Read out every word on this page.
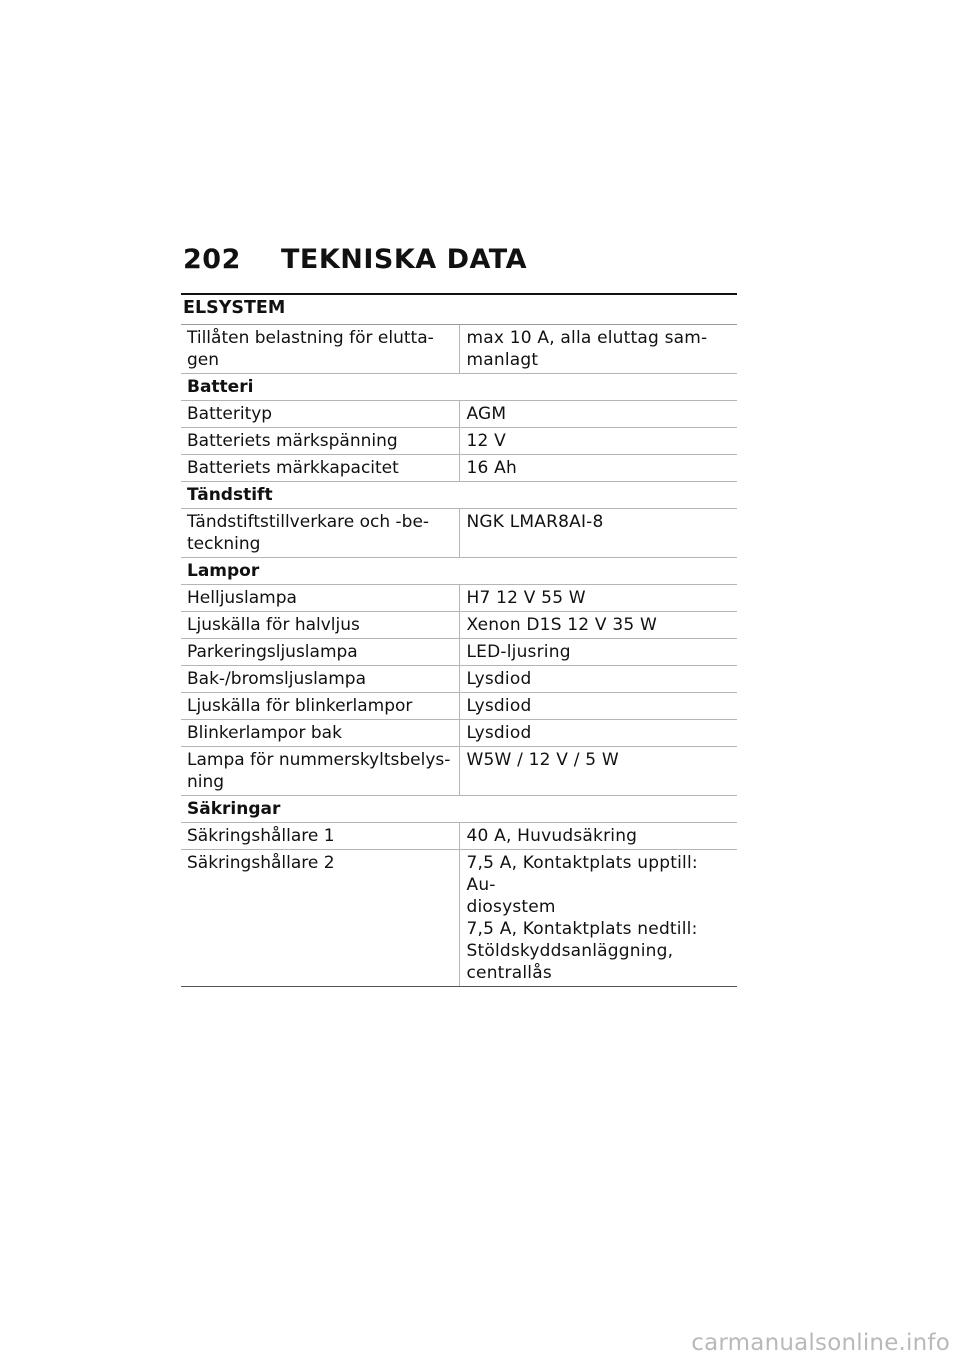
202 TEKNISKA DATA
ELSYSTEM
Tillåten belastning för elutta-
gen	max 10 A, alla eluttag sam-
manlagt
Batteri	
Batterityp	AGM
Batteriets märkspänning	12 V
Batteriets märkkapacitet	16 Ah
Tändstift	
Tändstiftstillverkare och -be-
teckning	NGK LMAR8AI-8
Lampor	
Helljuslampa	H7 12 V 55 W
Ljuskälla för halvljus	Xenon D1S 12 V 35 W
Parkeringsljuslampa	LED-ljusring
Bak-/bromsljuslampa	Lysdiod
Ljuskälla för blinkerlampor	Lysdiod
Blinkerlampor bak	Lysdiod
Lampa för nummerskyltsbelys-
ning	W5W / 12 V / 5 W
Säkringar	
Säkringshållare 1	40 A, Huvudsäkring
Säkringshållare 2	7,5 A, Kontaktplats upptill: Au-
diosystem
7,5 A, Kontaktplats nedtill:
Stöldskyddsanläggning,
centrallås
carmanualsonline.info
